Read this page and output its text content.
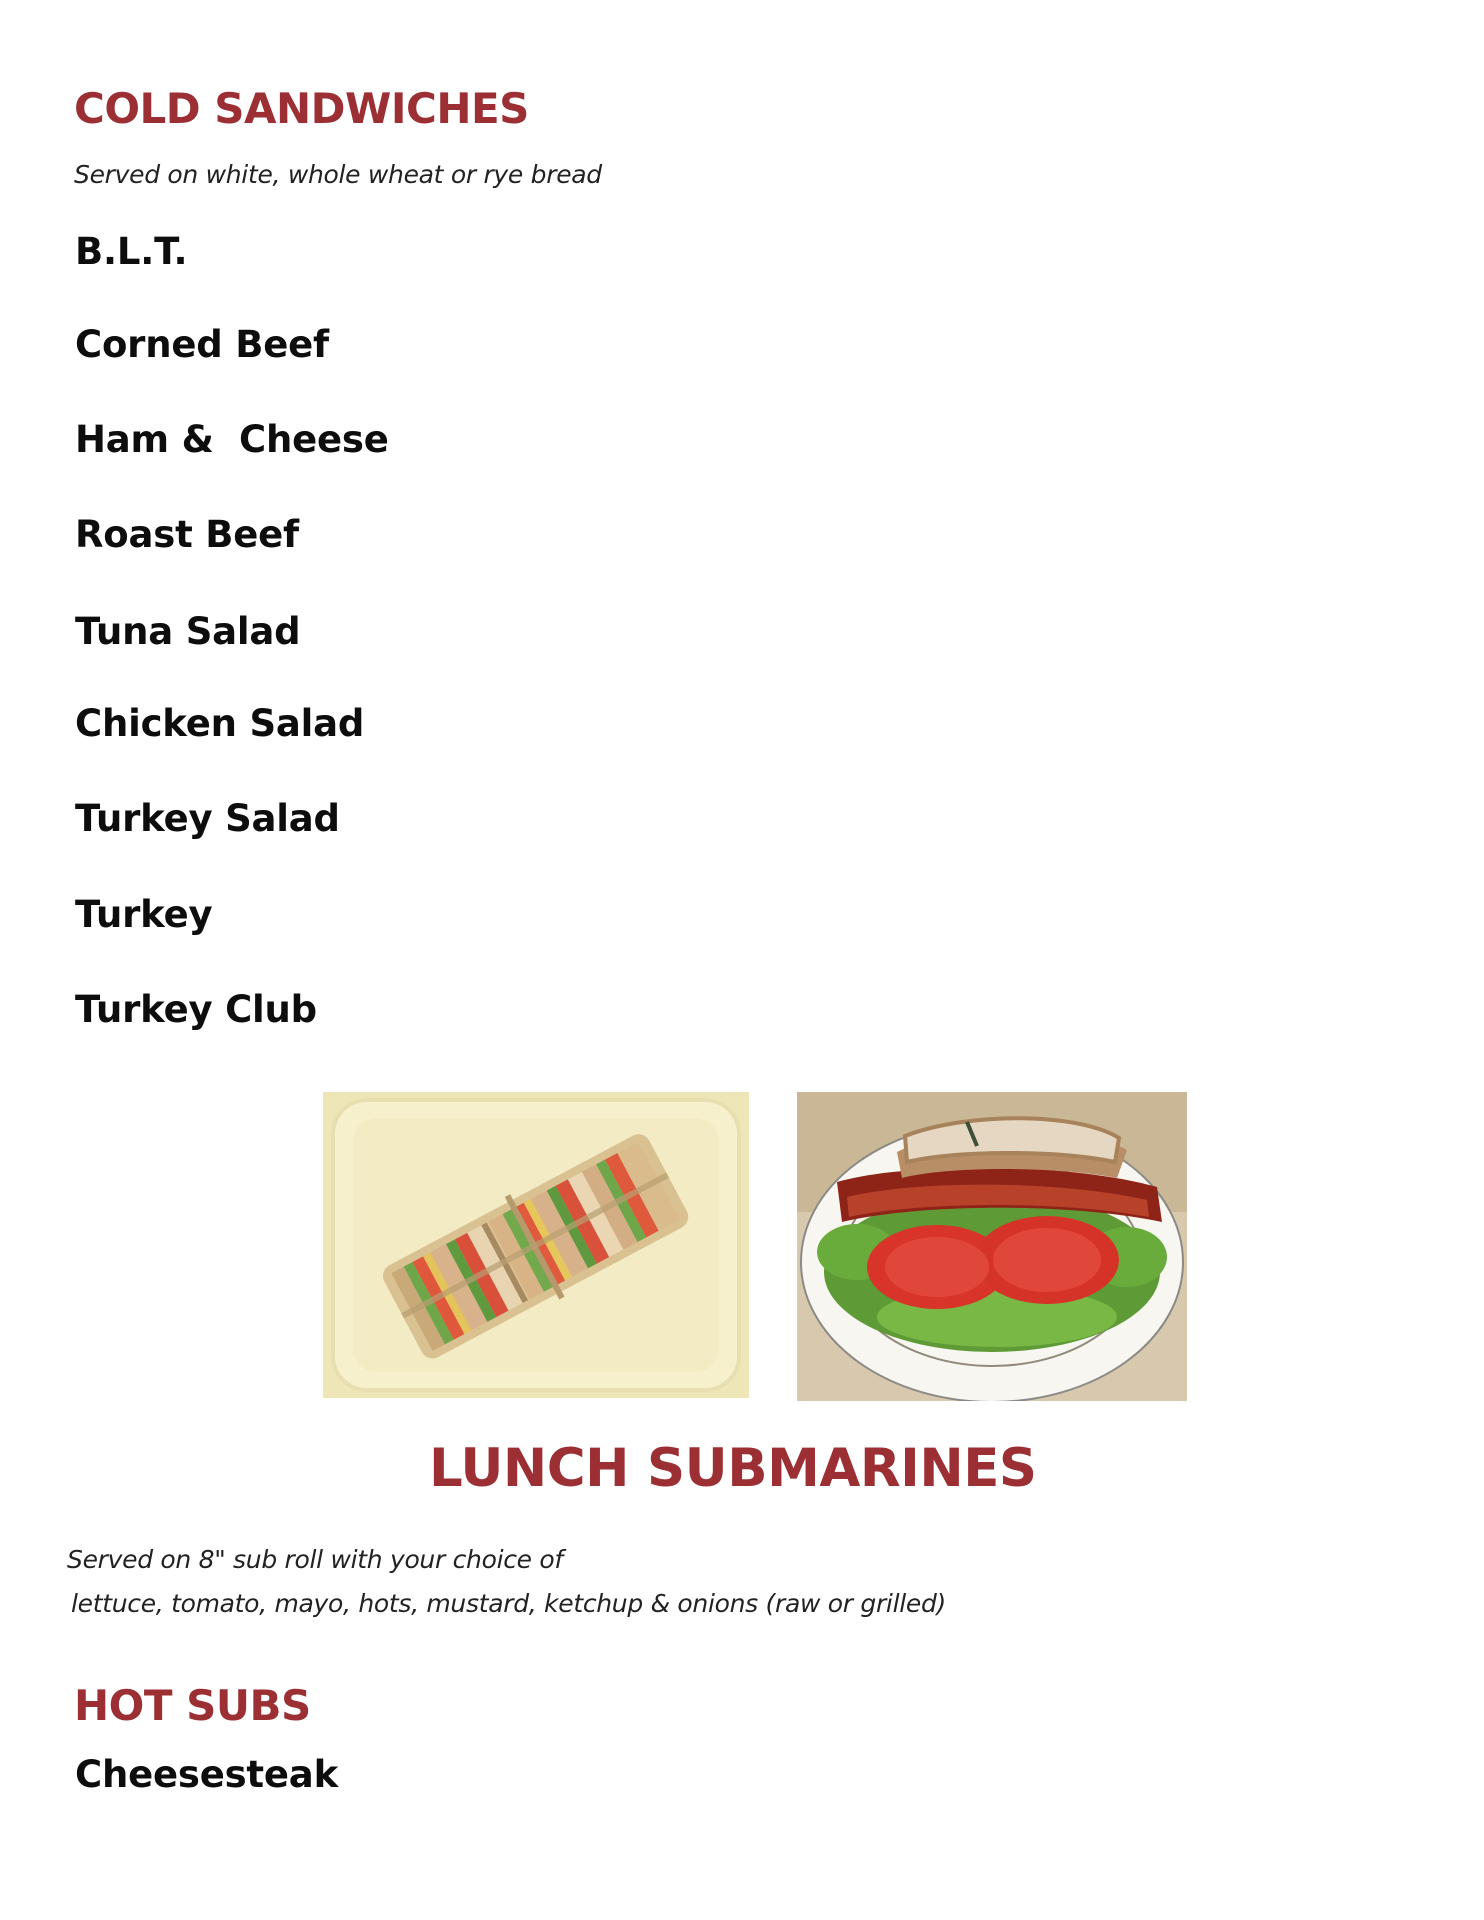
COLD SANDWICHES

Served on white, whole wheat or rye bread

B.L.T.

Corned Beef

Ham &  Cheese

Roast Beef

Tuna Salad

Chicken Salad

Turkey Salad

Turkey

Turkey Club

LUNCH SUBMARINES

Served on 8" sub roll with your choice of

lettuce, tomato, mayo, hots, mustard, ketchup & onions (raw or grilled)

HOT SUBS

Cheesesteak
